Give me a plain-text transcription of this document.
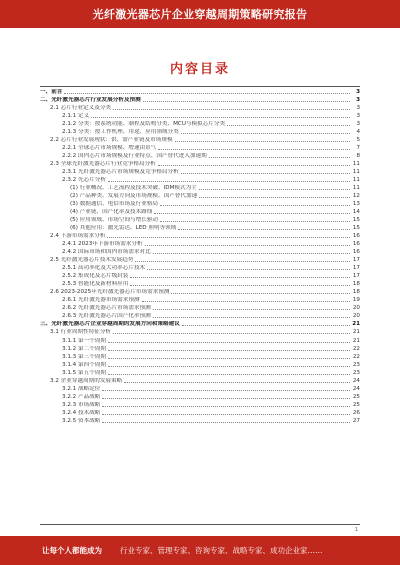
光纤激光器芯片企业穿越周期策略研究报告
内容目录
一、前言	3
二、光纤激光器芯片行业发展分析及预测	3
2.1 芯片行业定义及分类	3
2.1.1 定义	3
2.1.2 分类：按系统功能、制程及结构分类、MCU与模拟芯片分类	3
2.1.3 分类：按工作机理、用途、应用领域分类	4
2.2 芯片行业发展现状：供、需产业链及市场规模	5
2.2.1 全球芯片市场规模、增速由景气	7
2.2.2 国内芯片市场规模及行业特点、国产替代进入加速期	8
2.3 全球光纤激光器芯片行业竞争格局分析	11
2.3.1 光纤激光器芯片市场规模及竞争格局分析	11
2.3.2 光芯片分析	11
(1) 行业概况、工艺流程及技术突破、IDM模式为主	11
(2) 产品种类、发展方向及市场规模、国产替代加速	12
(3) 数据通信、电信市场及行业格局	13
(4) 产业链、国产化率及技术路线	14
(5) 应用领域、市场空间与增长驱动	15
(6) 其他应用：激光雷达、LED 照明等领域	15
2.4 下游市场需求分析	16
2.4.1 2023年下游市场需求分析	16
2.4.2 国际市场和国内市场需求对比	16
2.5 光纤激光器芯片技术发展趋势	17
2.5.1 高功率化及大功率芯片技术	17
2.5.2 集成化及芯片级封装	17
2.5.3 智能化及新材料应用	18
2.6 2023-2025年光纤激光器芯片市场需求预测	18
2.6.1 光纤激光器市场需求预测	19
2.6.2 光纤激光器芯片市场需求预测	20
2.6.3 光纤激光器芯片国产化率预测	20
三、光纤激光器芯片企业穿越周期的发展方向和策略建议	21
3.1 行业周期性特征分析	21
3.1.1 第一个周期	21
3.1.2 第二个周期	22
3.1.3 第三个周期	22
3.1.4 第四个周期	23
3.1.5 第五个周期	23
3.2 企业穿越周期的发展策略	24
3.2.1 战略定位	24
3.2.2 产品战略	25
3.2.3 市场战略	25
3.2.4 技术战略	26
3.2.5 资本战略	27
1
让每个人都能成为 行业专家、管理专家、咨询专家、战略专家、成功企业家……
